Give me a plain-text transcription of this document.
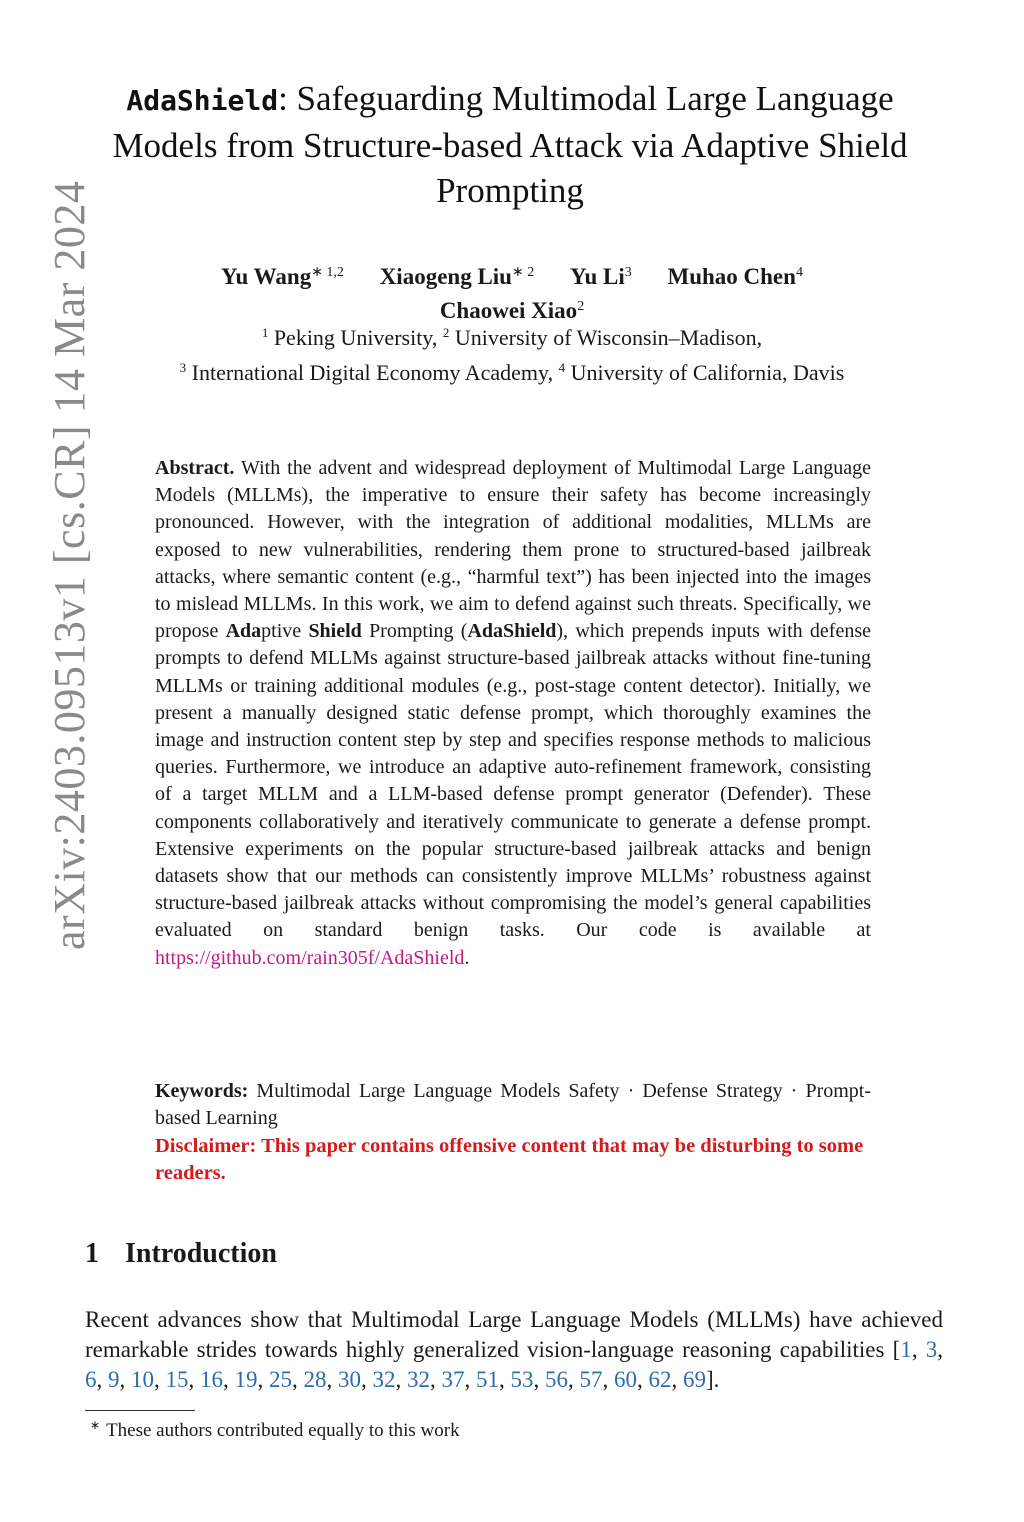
arXiv:2403.09513v1 [cs.CR] 14 Mar 2024
AdaShield: Safeguarding Multimodal Large Language Models from Structure-based Attack via Adaptive Shield Prompting
Yu Wang$^{∗ 1,2}$ Xiaogeng Liu$^{∗ 2}$ Yu Li$^3$ Muhao Chen$^4$
Chaowei Xiao$^2$
$^1$ Peking University, $^2$ University of Wisconsin–Madison,
$^3$ International Digital Economy Academy, $^4$ University of California, Davis
Abstract. With the advent and widespread deployment of Multimodal Large Language Models (MLLMs), the imperative to ensure their safety has become increasingly pronounced. However, with the integration of additional modalities, MLLMs are exposed to new vulnerabilities, rendering them prone to structured-based jailbreak attacks, where semantic content (e.g., “harmful text”) has been injected into the images to mislead MLLMs. In this work, we aim to defend against such threats. Specifically, we propose Adaptive Shield Prompting (AdaShield), which prepends inputs with defense prompts to defend MLLMs against structure-based jailbreak attacks without fine-tuning MLLMs or training additional modules (e.g., post-stage content detector). Initially, we present a manually designed static defense prompt, which thoroughly examines the image and instruction content step by step and specifies response methods to malicious queries. Furthermore, we introduce an adaptive auto-refinement framework, consisting of a target MLLM and a LLM-based defense prompt generator (Defender). These components collaboratively and iteratively communicate to generate a defense prompt. Extensive experiments on the popular structure-based jailbreak attacks and benign datasets show that our methods can consistently improve MLLMs’ robustness against structure-based jailbreak attacks without compromising the model’s general capabilities evaluated on standard benign tasks. Our code is available at https://github.com/rain305f/AdaShield.
Keywords: Multimodal Large Language Models Safety · Defense Strategy · Prompt-based Learning
Disclaimer: This paper contains offensive content that may be disturbing to some readers.
1 Introduction
Recent advances show that Multimodal Large Language Models (MLLMs) have achieved remarkable strides towards highly generalized vision-language reasoning capabilities [1, 3, 6, 9, 10, 15, 16, 19, 25, 28, 30, 32, 32, 37, 51, 53, 56, 57, 60, 62, 69].
∗ These authors contributed equally to this work
